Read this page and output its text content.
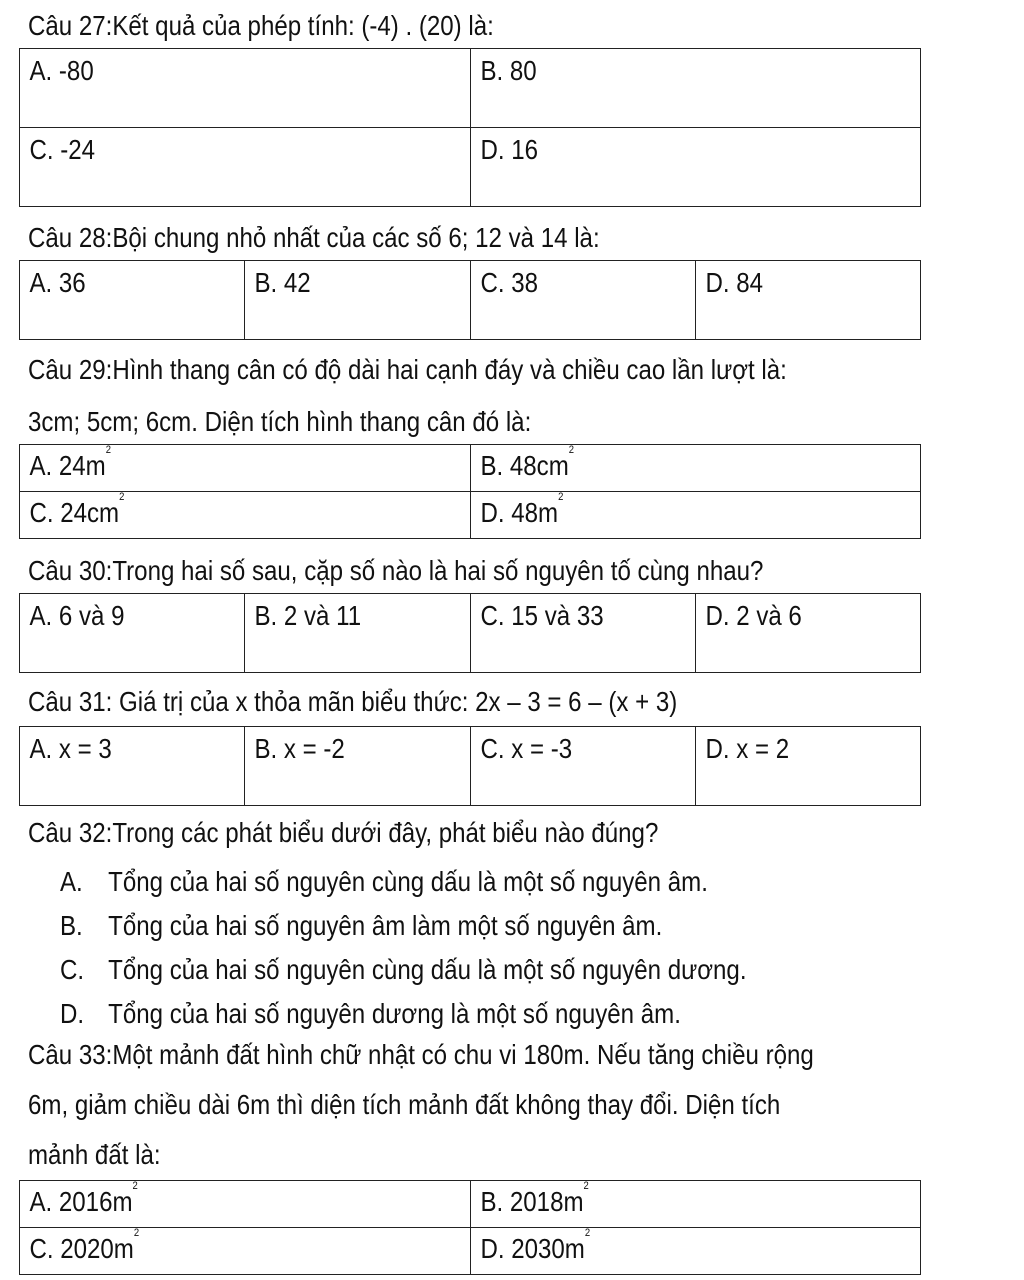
Câu 27:Kết quả của phép tính: (-4) . (20) là:

A. -80	B. 80
C. -24	D. 16

Câu 28:Bội chung nhỏ nhất của các số 6; 12 và 14 là:

A. 36	B. 42	C. 38	D. 84
Câu 29:Hình thang cân có độ dài hai cạnh đáy và chiều cao lần lượt là:
3cm; 5cm; 6cm. Diện tích hình thang cân đó là:
A. $24m^2$	B. $48cm^2$
C. $24cm^2$	D. $48m^2$

Câu 30:Trong hai số sau, cặp số nào là hai số nguyên tố cùng nhau?

A. 6 và 9	B. 2 và 11	C. 15 và 33	D. 2 và 6

Câu 31: Giá trị của x thỏa mãn biểu thức: 2x – 3 = 6 – (x + 3)

A. x = 3	B. x = -2	C. x = -3	D. x = 2

Câu 32:Trong các phát biểu dưới đây, phát biểu nào đúng?

A. Tổng của hai số nguyên cùng dấu là một số nguyên âm.
B. Tổng của hai số nguyên âm làm một số nguyên âm.
C. Tổng của hai số nguyên cùng dấu là một số nguyên dương.
D. Tổng của hai số nguyên dương là một số nguyên âm.
Câu 33:Một mảnh đất hình chữ nhật có chu vi 180m. Nếu tăng chiều rộng
6m, giảm chiều dài 6m thì diện tích mảnh đất không thay đổi. Diện tích
mảnh đất là:
A. $2016m^2$	B. $2018m^2$
C. $2020m^2$	D. $2030m^2$
